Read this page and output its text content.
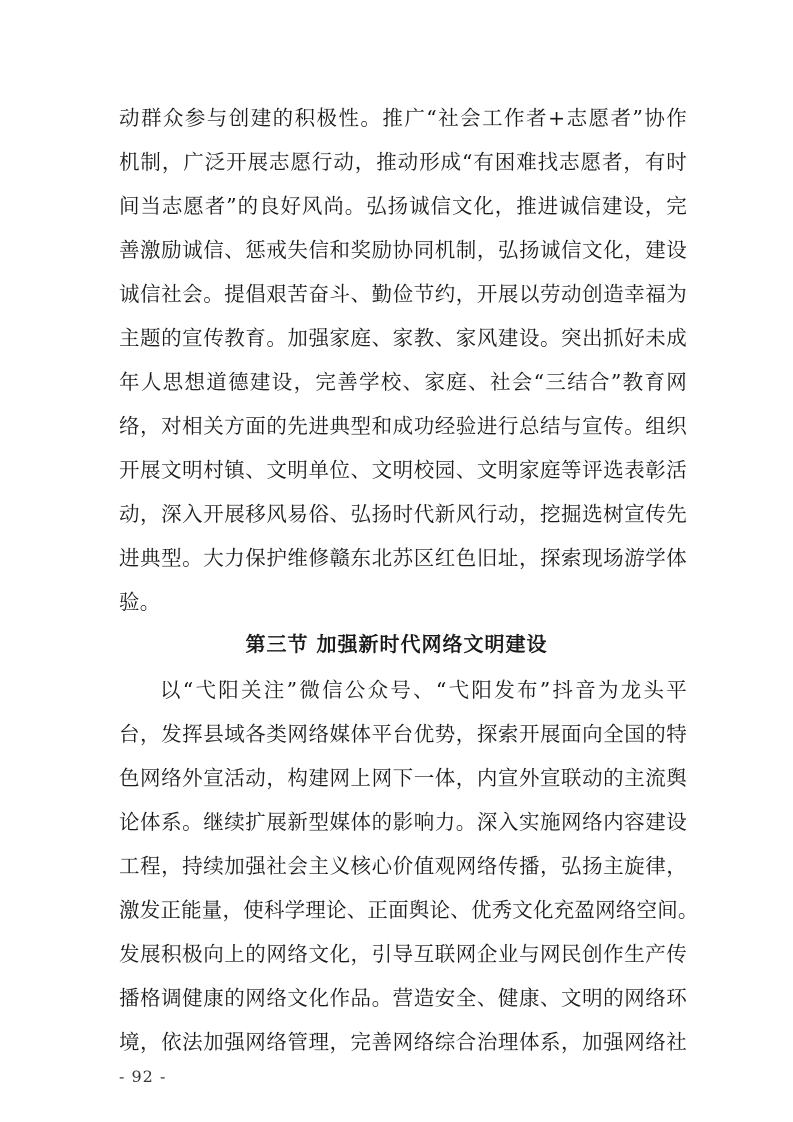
动群众参与创建的积极性。推广“社会工作者+志愿者”协作
机制，广泛开展志愿行动，推动形成“有困难找志愿者，有时
间当志愿者”的良好风尚。弘扬诚信文化，推进诚信建设，完
善激励诚信、惩戒失信和奖励协同机制，弘扬诚信文化，建设
诚信社会。提倡艰苦奋斗、勤俭节约，开展以劳动创造幸福为
主题的宣传教育。加强家庭、家教、家风建设。突出抓好未成
年人思想道德建设，完善学校、家庭、社会“三结合”教育网
络，对相关方面的先进典型和成功经验进行总结与宣传。组织
开展文明村镇、文明单位、文明校园、文明家庭等评选表彰活
动，深入开展移风易俗、弘扬时代新风行动，挖掘选树宣传先
进典型。大力保护维修赣东北苏区红色旧址，探索现场游学体
验。
第三节 加强新时代网络文明建设
以“弋阳关注”微信公众号、“弋阳发布”抖音为龙头平
台，发挥县域各类网络媒体平台优势，探索开展面向全国的特
色网络外宣活动，构建网上网下一体，内宣外宣联动的主流舆
论体系。继续扩展新型媒体的影响力。深入实施网络内容建设
工程，持续加强社会主义核心价值观网络传播，弘扬主旋律，
激发正能量，使科学理论、正面舆论、优秀文化充盈网络空间。
发展积极向上的网络文化，引导互联网企业与网民创作生产传
播格调健康的网络文化作品。营造安全、健康、文明的网络环
境，依法加强网络管理，完善网络综合治理体系，加强网络社
- 92 -
